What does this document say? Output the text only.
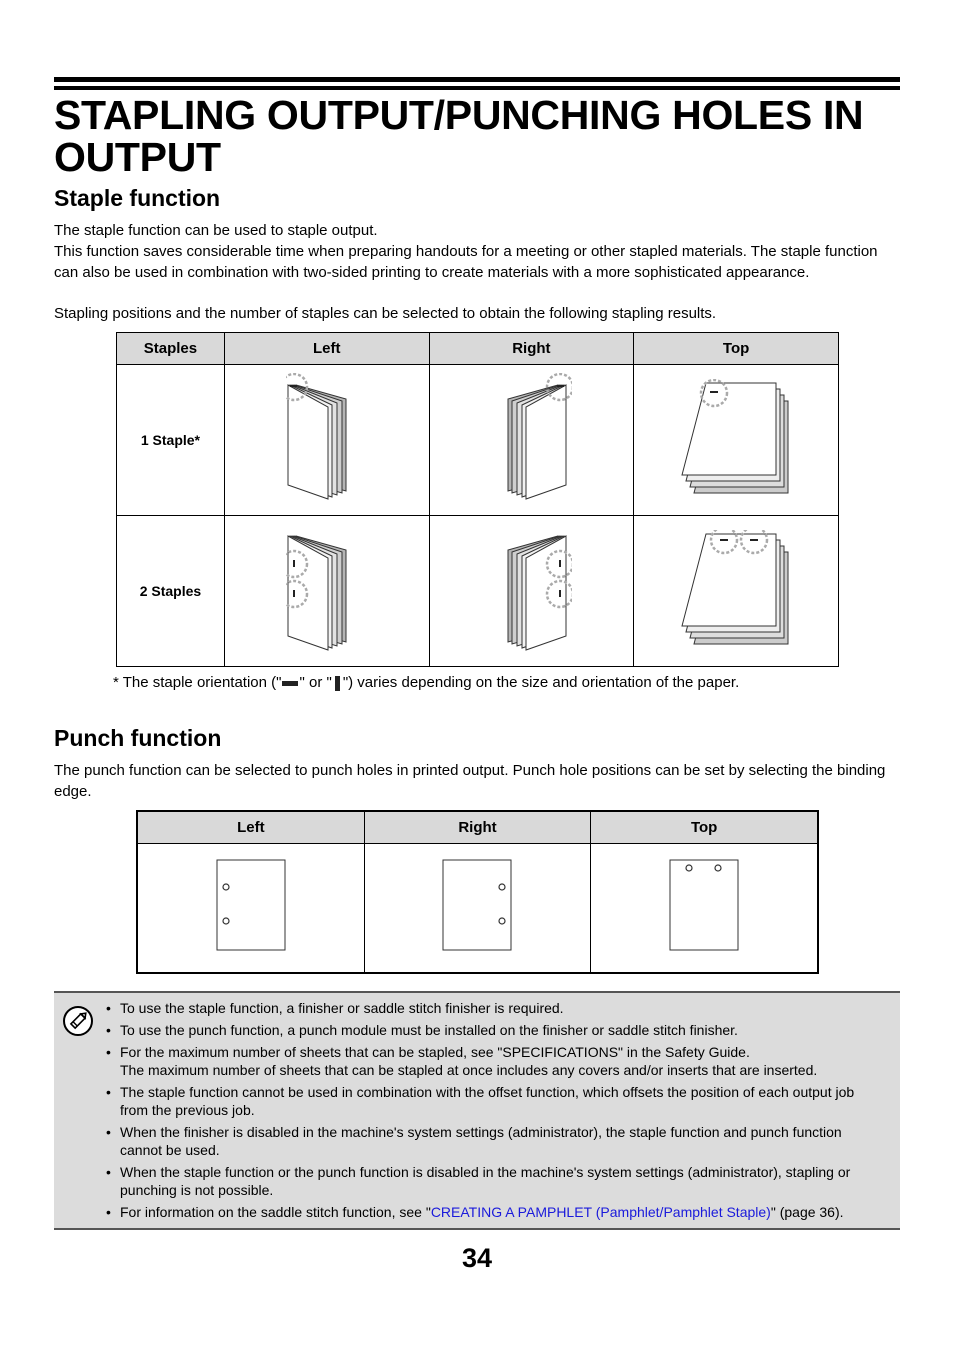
STAPLING OUTPUT/PUNCHING HOLES IN OUTPUT
Staple function

The staple function can be used to staple output.

This function saves considerable time when preparing handouts for a meeting or other stapled materials. The staple function can also be used in combination with two-sided printing to create materials with a more sophisticated appearance.

Stapling positions and the number of staples can be selected to obtain the following stapling results.

Staples	Left	Right	Top
1 Staple*			
2 Staples			
* The staple orientation (" " or " ") varies depending on the size and orientation of the paper.
Punch function

The punch function can be selected to punch holes in printed output. Punch hole positions can be set by selecting the binding edge.

Left	Right	Top

• To use the staple function, a finisher or saddle stitch finisher is required.
• To use the punch function, a punch module must be installed on the finisher or saddle stitch finisher.
• For the maximum number of sheets that can be stapled, see "SPECIFICATIONS" in the Safety Guide.
The maximum number of sheets that can be stapled at once includes any covers and/or inserts that are inserted.
• The staple function cannot be used in combination with the offset function, which offsets the position of each output job from the previous job.
• When the finisher is disabled in the machine's system settings (administrator), the staple function and punch function cannot be used.
• When the staple function or the punch function is disabled in the machine's system settings (administrator), stapling or punching is not possible.
• For information on the saddle stitch function, see "CREATING A PAMPHLET (Pamphlet/Pamphlet Staple)" (page 36).
34
